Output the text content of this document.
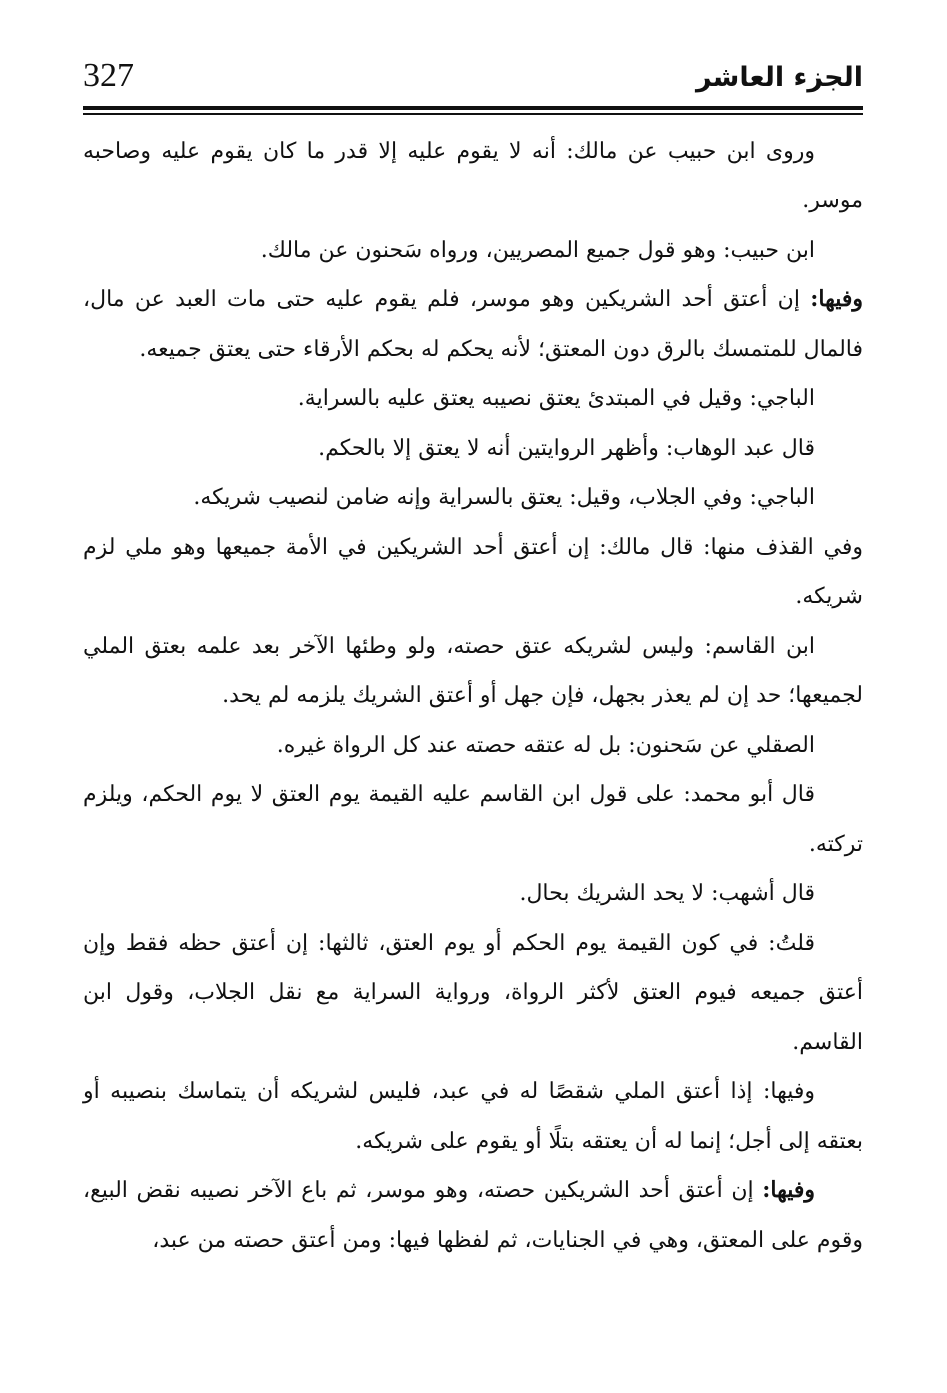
327	الجزء العاشر

وروى ابن حبيب عن مالك: أنه لا يقوم عليه إلا قدر ما كان يقوم عليه وصاحبه موسر.

ابن حبيب: وهو قول جميع المصريين، ورواه سَحنون عن مالك.

وفيها: إن أعتق أحد الشريكين وهو موسر، فلم يقوم عليه حتى مات العبد عن مال، فالمال للمتمسك بالرق دون المعتق؛ لأنه يحكم له بحكم الأرقاء حتى يعتق جميعه.

الباجي: وقيل في المبتدئ يعتق نصيبه يعتق عليه بالسراية.

قال عبد الوهاب: وأظهر الروايتين أنه لا يعتق إلا بالحكم.

الباجي: وفي الجلاب، وقيل: يعتق بالسراية وإنه ضامن لنصيب شريكه.

وفي القذف منها: قال مالك: إن أعتق أحد الشريكين في الأمة جميعها وهو ملي لزم شريكه.

ابن القاسم: وليس لشريكه عتق حصته، ولو وطئها الآخر بعد علمه بعتق الملي لجميعها؛ حد إن لم يعذر بجهل، فإن جهل أو أعتق الشريك يلزمه لم يحد.

الصقلي عن سَحنون: بل له عتقه حصته عند كل الرواة غيره.

قال أبو محمد: على قول ابن القاسم عليه القيمة يوم العتق لا يوم الحكم، ويلزم تركته.

قال أشهب: لا يحد الشريك بحال.

قلتُ: في كون القيمة يوم الحكم أو يوم العتق، ثالثها: إن أعتق حظه فقط وإن أعتق جميعه فيوم العتق لأكثر الرواة، ورواية السراية مع نقل الجلاب، وقول ابن القاسم.

وفيها: إذا أعتق الملي شقصًا له في عبد، فليس لشريكه أن يتماسك بنصيبه أو بعتقه إلى أجل؛ إنما له أن يعتقه بتلًا أو يقوم على شريكه.

وفيها: إن أعتق أحد الشريكين حصته، وهو موسر، ثم باع الآخر نصيبه نقض البيع، وقوم على المعتق، وهي في الجنايات، ثم لفظها فيها: ومن أعتق حصته من عبد،
